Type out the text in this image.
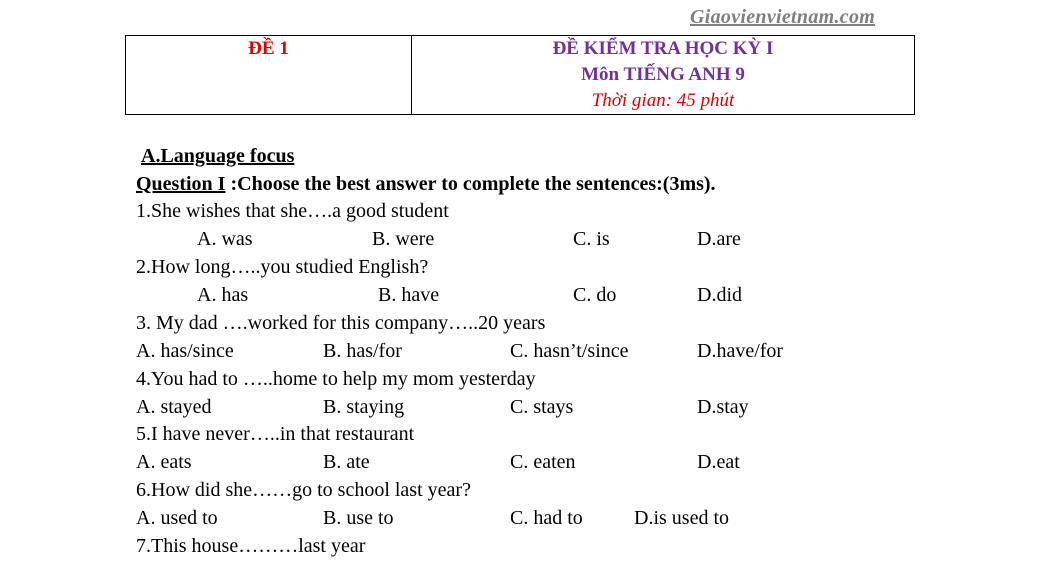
Giaovienvietnam.com
ĐỀ 1	ĐỀ KIỂM TRA HỌC KỲ I
Môn TIẾNG ANH 9
Thời gian: 45 phút
A.Language focus
Question I :Choose the best answer to complete the sentences:(3ms).
1.She wishes that she….a good student
A. was	B. were	C. is	D.are
2.How long…..you studied English?
A. has	B. have	C. do	D.did
3. My dad ….worked for this company…..20 years
A. has/since	B. has/for	C. hasn’t/since	D.have/for
4.You had to …..home to help my mom yesterday
A. stayed	B. staying	C. stays	D.stay
5.I have never…..in that restaurant
A. eats	B. ate	C. eaten	D.eat
6.How did she……go to school last year?
A. used to	B. use to	C. had to	D.is used to
7.This house………last year
